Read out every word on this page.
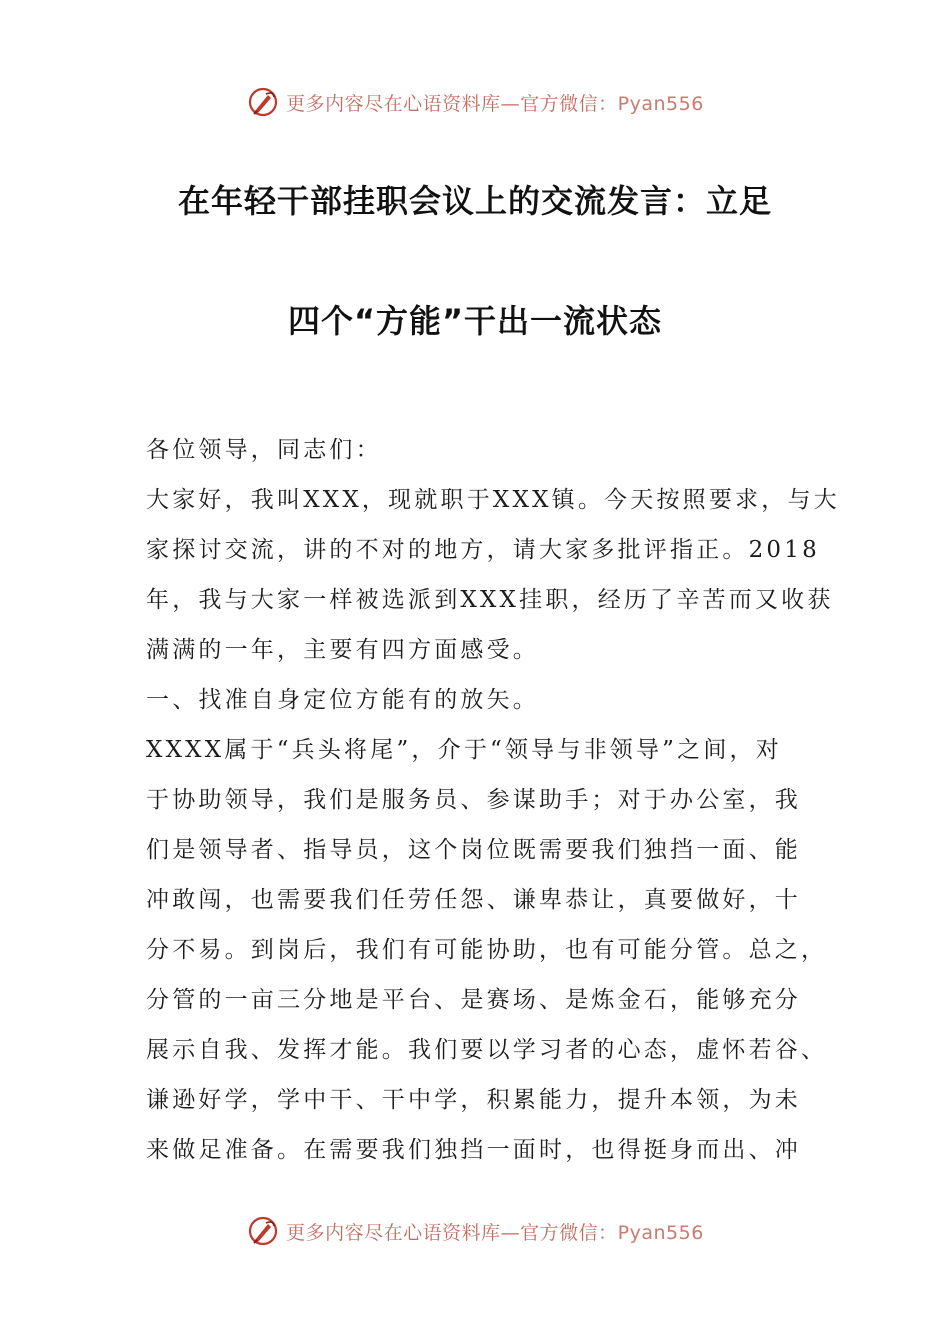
更多内容尽在心语资料库—官方微信：Pyan556
在年轻干部挂职会议上的交流发言：立足
四个“方能”干出一流状态
各位领导，同志们：
大家好，我叫XXX，现就职于XXX镇。今天按照要求，与大
家探讨交流，讲的不对的地方，请大家多批评指正。2018
年，我与大家一样被选派到XXX挂职，经历了辛苦而又收获
满满的一年，主要有四方面感受。
一、找准自身定位方能有的放矢。
XXXX属于“兵头将尾”，介于“领导与非领导”之间，对
于协助领导，我们是服务员、参谋助手；对于办公室，我
们是领导者、指导员，这个岗位既需要我们独挡一面、能
冲敢闯，也需要我们任劳任怨、谦卑恭让，真要做好，十
分不易。到岗后，我们有可能协助，也有可能分管。总之，
分管的一亩三分地是平台、是赛场、是炼金石，能够充分
展示自我、发挥才能。我们要以学习者的心态，虚怀若谷、
谦逊好学，学中干、干中学，积累能力，提升本领，为未
来做足准备。在需要我们独挡一面时，也得挺身而出、冲
更多内容尽在心语资料库—官方微信：Pyan556
